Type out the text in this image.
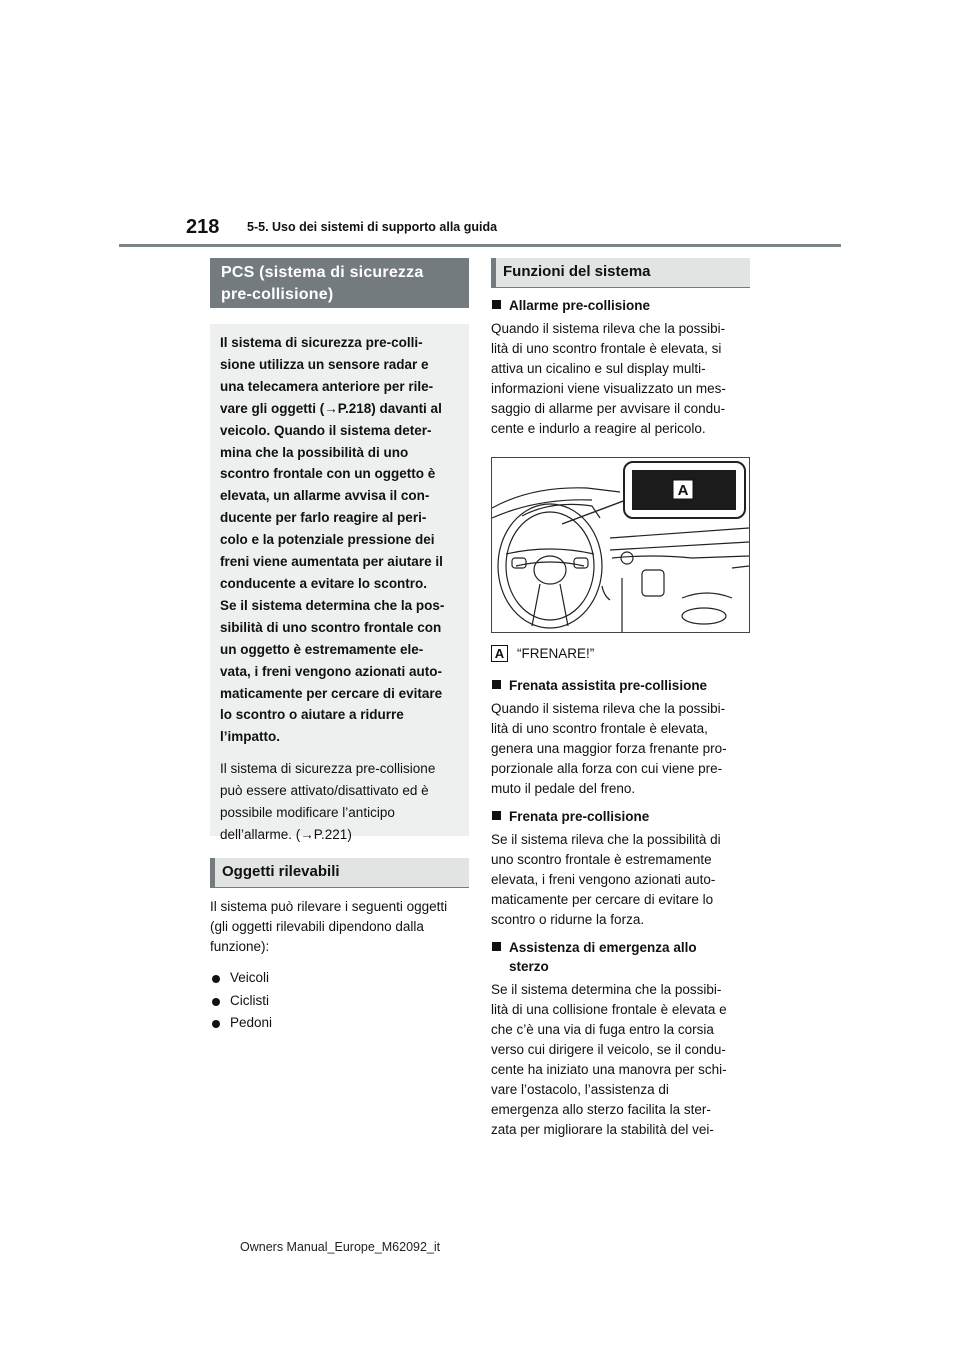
218 5-5. Uso dei sistemi di supporto alla guida
PCS (sistema di sicurezza
pre-collisione)
Il sistema di sicurezza pre-colli-
sione utilizza un sensore radar e
una telecamera anteriore per rile-
vare gli oggetti (→P.218) davanti al
veicolo. Quando il sistema deter-
mina che la possibilità di uno
scontro frontale con un oggetto è
elevata, un allarme avvisa il con-
ducente per farlo reagire al peri-
colo e la potenziale pressione dei
freni viene aumentata per aiutare il
conducente a evitare lo scontro.
Se il sistema determina che la pos-
sibilità di uno scontro frontale con
un oggetto è estremamente ele-
vata, i freni vengono azionati auto-
maticamente per cercare di evitare
lo scontro o aiutare a ridurre
l’impatto.
Il sistema di sicurezza pre-collisione
può essere attivato/disattivato ed è
possibile modificare l’anticipo
dell’allarme. (→P.221)
Oggetti rilevabili
Il sistema può rilevare i seguenti oggetti
(gli oggetti rilevabili dipendono dalla
funzione):
Veicoli
Ciclisti
Pedoni
Funzioni del sistema
Allarme pre-collisione
Quando il sistema rileva che la possibi-
lità di uno scontro frontale è elevata, si
attiva un cicalino e sul display multi-
informazioni viene visualizzato un mes-
saggio di allarme per avvisare il condu-
cente e indurlo a reagire al pericolo.
A
A “FRENARE!”
Frenata assistita pre-collisione
Quando il sistema rileva che la possibi-
lità di uno scontro frontale è elevata,
genera una maggior forza frenante pro-
porzionale alla forza con cui viene pre-
muto il pedale del freno.
Frenata pre-collisione
Se il sistema rileva che la possibilità di
uno scontro frontale è estremamente
elevata, i freni vengono azionati auto-
maticamente per cercare di evitare lo
scontro o ridurne la forza.
Assistenza di emergenza allo
sterzo
Se il sistema determina che la possibi-
lità di una collisione frontale è elevata e
che c’è una via di fuga entro la corsia
verso cui dirigere il veicolo, se il condu-
cente ha iniziato una manovra per schi-
vare l’ostacolo, l’assistenza di
emergenza allo sterzo facilita la ster-
zata per migliorare la stabilità del vei-
Owners Manual_Europe_M62092_it
